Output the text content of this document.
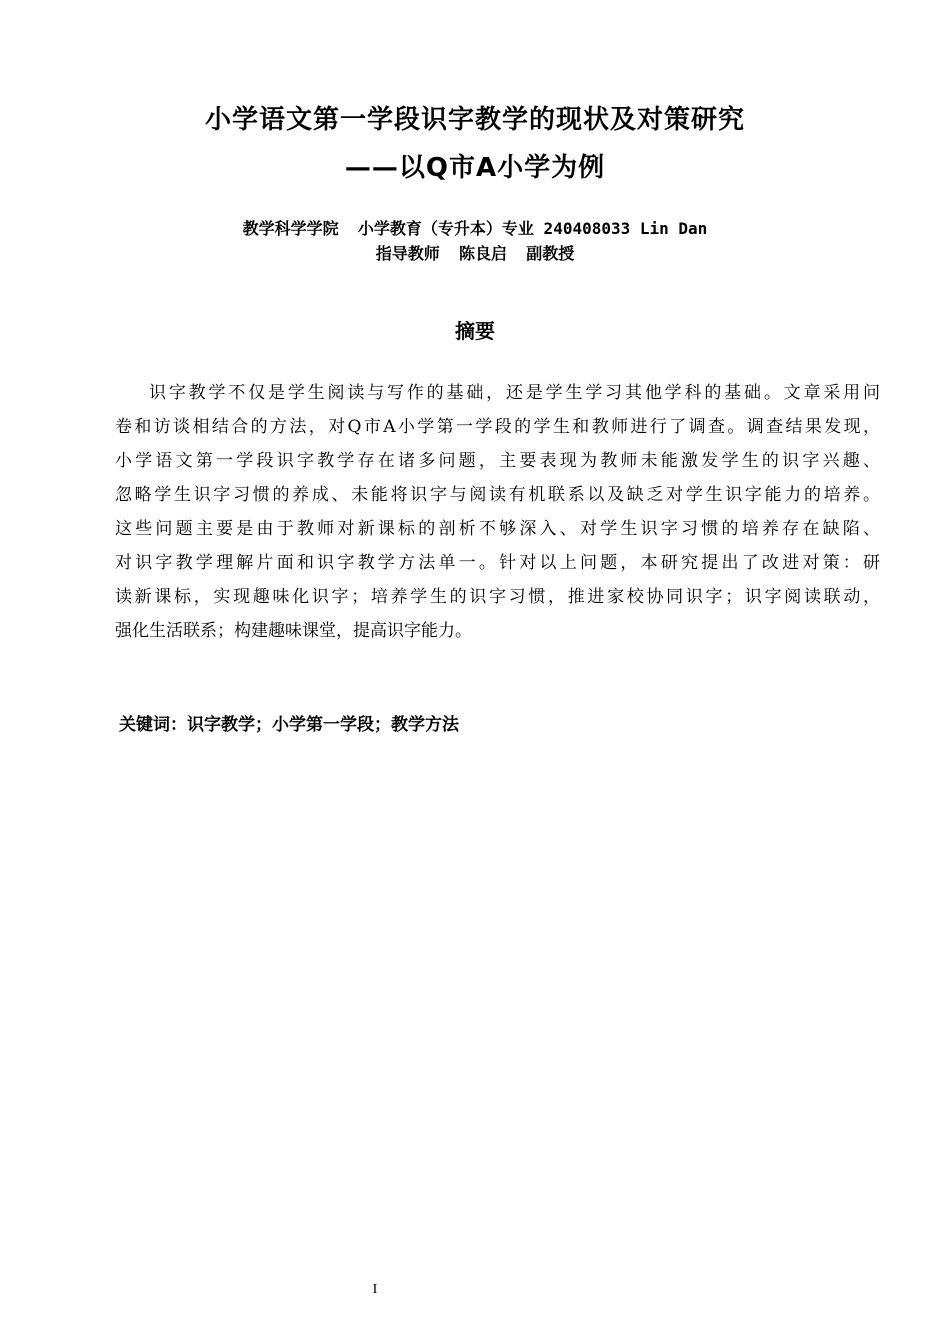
小学语文第一学段识字教学的现状及对策研究
——以Q市A小学为例
教学科学学院  小学教育（专升本）专业 240408033 Lin Dan
指导教师  陈良启  副教授
摘要
识字教学不仅是学生阅读与写作的基础，还是学生学习其他学科的基础。文章采用问
卷和访谈相结合的方法，对Q市A小学第一学段的学生和教师进行了调查。调查结果发现，
小学语文第一学段识字教学存在诸多问题，主要表现为教师未能激发学生的识字兴趣、
忽略学生识字习惯的养成、未能将识字与阅读有机联系以及缺乏对学生识字能力的培养。
这些问题主要是由于教师对新课标的剖析不够深入、对学生识字习惯的培养存在缺陷、
对识字教学理解片面和识字教学方法单一。针对以上问题，本研究提出了改进对策：研
读新课标，实现趣味化识字；培养学生的识字习惯，推进家校协同识字；识字阅读联动，
强化生活联系；构建趣味课堂，提高识字能力。
关键词：识字教学；小学第一学段；教学方法
I
